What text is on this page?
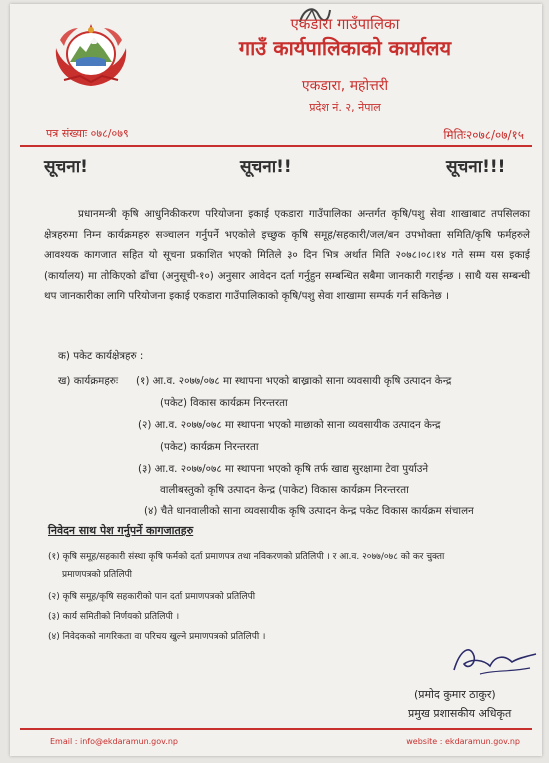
एकडारा गाउँपालिका
गाउँ कार्यपालिकाको कार्यालय
एकडारा, महोत्तरी
प्रदेश नं. २, नेपाल
पत्र संख्याः ०७८/०७९	मितिः२०७८/०७/१५
सूचना!	सूचना!!	सूचना!!!
प्रधानमन्त्री कृषि आधुनिकीकरण परियोजना इकाई एकडारा गाउँपालिका अन्तर्गत कृषि/पशु सेवा शाखाबाट तपसिलका क्षेत्रहरुमा निम्न कार्यक्रमहरु सञ्चालन गर्नुपर्ने भएकोले इच्छुक कृषि समूह/सहकारी/जल/बन उपभोक्ता समिति/कृषि फर्महरुले आवश्यक कागजात सहित यो सूचना प्रकाशित भएको मितिले ३० दिन भित्र अर्थात मिति २०७८।०८।१४ गते सम्म यस इकाई (कार्यालय) मा तोकिएको ढाँचा (अनुसूची-१०) अनुसार आवेदन दर्ता गर्नुहुन सम्बन्धित सबैमा जानकारी गराईन्छ । साथै यस सम्बन्धी थप जानकारीका लागि परियोजना इकाई एकडारा गाउँपालिकाको कृषि/पशु सेवा शाखामा सम्पर्क गर्न सकिनेछ ।
क) पकेट कार्यक्षेत्रहरु :
ख) कार्यक्रमहरुः (१) आ.व. २०७७/०७८ मा स्थापना भएको बाख्राको साना व्यवसायी कृषि उत्पादन केन्द्र
(पकेट) विकास कार्यक्रम निरन्तरता
(२) आ.व. २०७७/०७८ मा स्थापना भएको माछाको साना व्यवसायीक उत्पादन केन्द्र
(पकेट) कार्यक्रम निरन्तरता
(३) आ.व. २०७७/०७८ मा स्थापना भएको कृषि तर्फ खाद्य सुरक्षामा टेवा पुर्याउने
वालीबस्तुको कृषि उत्पादन केन्द्र (पाकेट) विकास कार्यक्रम निरन्तरता
(४) चैते धानवालीको साना व्यवसायीक कृषि उत्पादन केन्द्र पकेट विकास कार्यक्रम संचालन
निवेदन साथ पेश गर्नुपर्ने कागजातहरु
(१) कृषि समूह/सहकारी संस्था कृषि फर्मको दर्ता प्रमाणपत्र तथा नविकरणको प्रतिलिपी । र आ.व. २०७७/०७८ को कर चुक्ता
प्रमाणपत्रको प्रतिलिपी
(२) कृषि समूह/कृषि सहकारीको पान दर्ता प्रमाणपत्रको प्रतिलिपी
(३) कार्य समितीको निर्णयको प्रतिलिपी ।
(४) निवेदकको नागरिकता वा परिचय खुल्ने प्रमाणपत्रको प्रतिलिपी ।
(प्रमोद कुमार ठाकुर)
प्रमुख प्रशासकीय अधिकृत
Email : info@ekdaramun.gov.np	website : ekdaramun.gov.np
